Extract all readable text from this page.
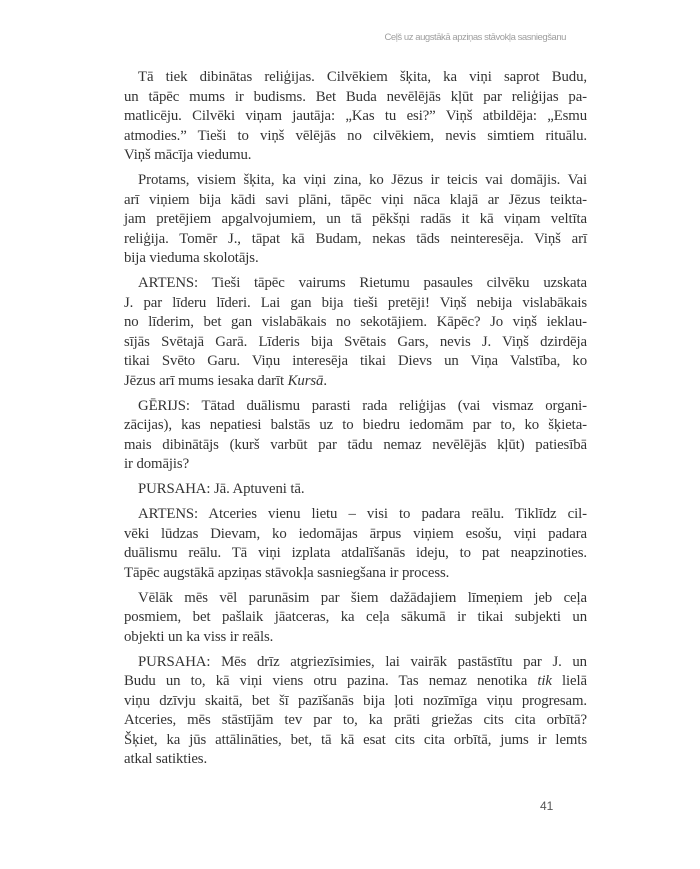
Ceļš uz augstākā apziņas stāvokļa sasniegšanu

Tā tiek dibinātas reliģijas. Cilvēkiem šķita, ka viņi saprot Budu,
un tāpēc mums ir budisms. Bet Buda nevēlējās kļūt par reliģijas pa-
matlicēju. Cilvēki viņam jautāja: „Kas tu esi?” Viņš atbildēja: „Esmu
atmodies.” Tieši to viņš vēlējās no cilvēkiem, nevis simtiem rituālu.
Viņš mācīja viedumu.

Protams, visiem šķita, ka viņi zina, ko Jēzus ir teicis vai domājis. Vai
arī viņiem bija kādi savi plāni, tāpēc viņi nāca klajā ar Jēzus teikta-
jam pretējiem apgalvojumiem, un tā pēkšņi radās it kā viņam veltīta
reliģija. Tomēr J., tāpat kā Budam, nekas tāds neinteresēja. Viņš arī
bija vieduma skolotājs.

ARTENS: Tieši tāpēc vairums Rietumu pasaules cilvēku uzskata
J. par līderu līderi. Lai gan bija tieši pretēji! Viņš nebija vislabākais
no līderim, bet gan vislabākais no sekotājiem. Kāpēc? Jo viņš ieklau-
sījās Svētajā Garā. Līderis bija Svētais Gars, nevis J. Viņš dzirdēja
tikai Svēto Garu. Viņu interesēja tikai Dievs un Viņa Valstība, ko
Jēzus arī mums iesaka darīt Kursā.

GĒRIJS: Tātad duālismu parasti rada reliģijas (vai vismaz organi-
zācijas), kas nepatiesi balstās uz to biedru iedomām par to, ko šķieta-
mais dibinātājs (kurš varbūt par tādu nemaz nevēlējās kļūt) patiesībā
ir domājis?

PURSAHA: Jā. Aptuveni tā.

ARTENS: Atceries vienu lietu – visi to padara reālu. Tiklīdz cil-
vēki lūdzas Dievam, ko iedomājas ārpus viņiem esošu, viņi padara
duālismu reālu. Tā viņi izplata atdalīšanās ideju, to pat neapzinoties.
Tāpēc augstākā apziņas stāvokļa sasniegšana ir process.

Vēlāk mēs vēl parunāsim par šiem dažādajiem līmeņiem jeb ceļa
posmiem, bet pašlaik jāatceras, ka ceļa sākumā ir tikai subjekti un
objekti un ka viss ir reāls.

PURSAHA: Mēs drīz atgriezīsimies, lai vairāk pastāstītu par J. un
Budu un to, kā viņi viens otru pazina. Tas nemaz nenotika tik lielā
viņu dzīvju skaitā, bet šī pazīšanās bija ļoti nozīmīga viņu progresam.
Atceries, mēs stāstījām tev par to, ka prāti griežas cits cita orbītā?
Šķiet, ka jūs attālināties, bet, tā kā esat cits cita orbītā, jums ir lemts
atkal satikties.

41
